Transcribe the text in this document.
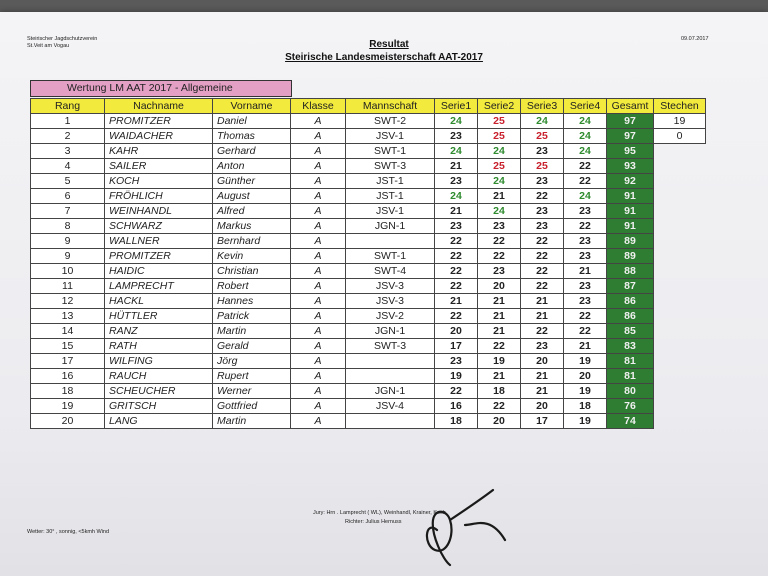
Steirischer Jagdschutzverein
St.Veit am Vogau
09.07.2017
Resultat
Steirische Landesmeisterschaft AAT-2017
Wertung LM AAT 2017 - Allgemeine
Rang	Nachname	Vorname	Klasse	Mannschaft	Serie1	Serie2	Serie3	Serie4	Gesamt	Stechen
1	PROMITZER	Daniel	A	SWT-2	24	25	24	24	97	19
2	WAIDACHER	Thomas	A	JSV-1	23	25	25	24	97	0
3	KAHR	Gerhard	A	SWT-1	24	24	23	24	95	
4	SAILER	Anton	A	SWT-3	21	25	25	22	93	
5	KOCH	Günther	A	JST-1	23	24	23	22	92	
6	FRÖHLICH	August	A	JST-1	24	21	22	24	91	
7	WEINHANDL	Alfred	A	JSV-1	21	24	23	23	91	
8	SCHWARZ	Markus	A	JGN-1	23	23	23	22	91	
9	WALLNER	Bernhard	A		22	22	22	23	89	
9	PROMITZER	Kevin	A	SWT-1	22	22	22	23	89	
10	HAIDIC	Christian	A	SWT-4	22	23	22	21	88	
11	LAMPRECHT	Robert	A	JSV-3	22	20	22	23	87	
12	HACKL	Hannes	A	JSV-3	21	21	21	23	86	
13	HÜTTLER	Patrick	A	JSV-2	22	21	21	22	86	
14	RANZ	Martin	A	JGN-1	20	21	22	22	85	
15	RATH	Gerald	A	SWT-3	17	22	23	21	83	
17	WILFING	Jörg	A		23	19	20	19	81	
16	RAUCH	Rupert	A		19	21	21	20	81	
18	SCHEUCHER	Werner	A	JGN-1	22	18	21	19	80	
19	GRITSCH	Gottfried	A	JSV-4	16	22	20	18	76	
20	LANG	Martin	A		18	20	17	19	74	
Jury: Hrn . Lamprecht ( WL), Weinhandl, Krainer, Koch
Richter: Julius Hernuss
Wetter: 30° , sonnig, <5kmh Wind
